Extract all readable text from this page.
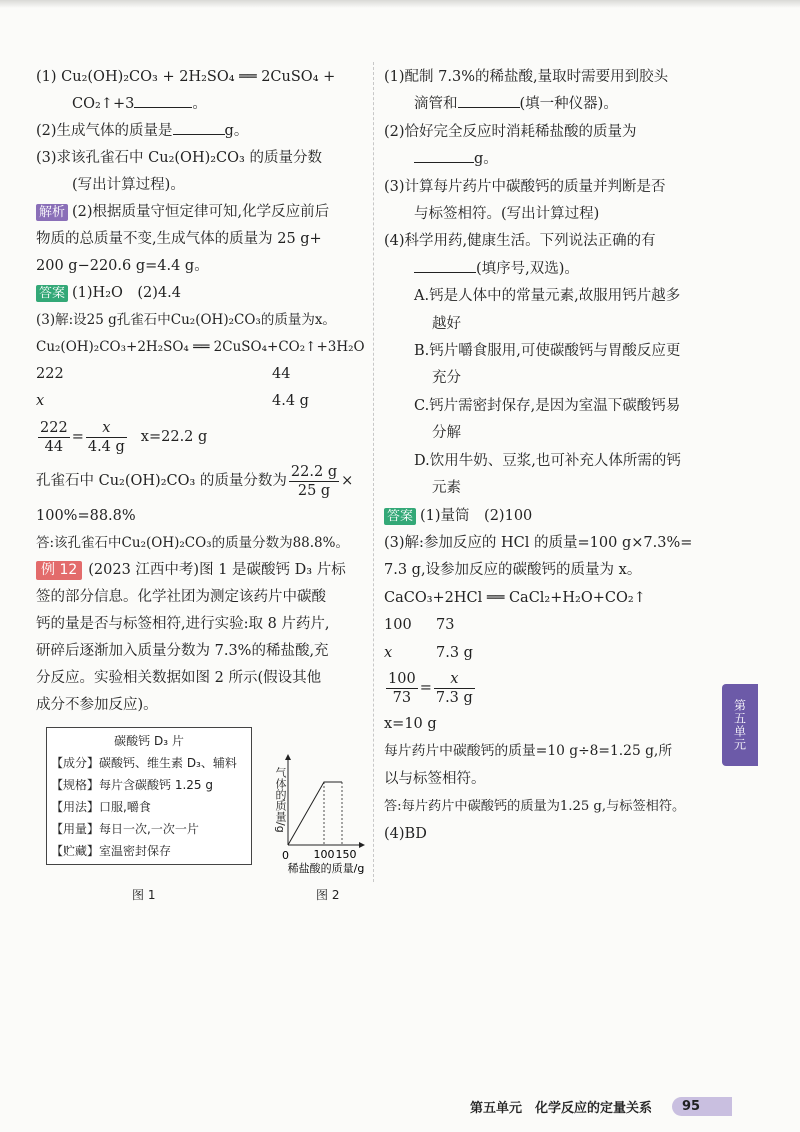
(1) Cu₂(OH)₂CO₃ + 2H₂SO₄ ══ 2CuSO₄ +
CO₂↑+3	。
(2)生成气体的质量是	g。
(3)求该孔雀石中 Cu₂(OH)₂CO₃ 的质量分数
(写出计算过程)。
解析 (2)根据质量守恒定律可知,化学反应前后
物质的总质量不变,生成气体的质量为 25 g+
200 g−220.6 g=4.4 g。
答案 (1)H₂O　(2)4.4
(3)解:设25 g孔雀石中Cu₂(OH)₂CO₃的质量为x。
Cu₂(OH)₂CO₃+2H₂SO₄ ══ 2CuSO₄+CO₂↑+3H₂O
222	44
x	4.4 g
$\frac{222}{44} = \frac{x}{4.4 g} x=22.2$ g
孔雀石中 Cu₂(OH)₂CO₃ 的质量分数为 $\frac{22.2 g}{25 g}$ ×
100%=88.8%
答:该孔雀石中Cu₂(OH)₂CO₃的质量分数为88.8%。
例 12 (2023 江西中考)图 1 是碳酸钙 D₃ 片标
签的部分信息。化学社团为测定该药片中碳酸
钙的量是否与标签相符,进行实验:取 8 片药片,
研碎后逐渐加入质量分数为 7.3%的稀盐酸,充
分反应。实验相关数据如图 2 所示(假设其他
成分不参加反应)。
碳酸钙 D₃ 片
【成分】碳酸钙、维生素 D₃、辅料
【规格】每片含碳酸钙 1.25 g
【用法】口服,嚼食
【用量】每日一次,一次一片
【贮藏】室温密封保存
图 1
0 100 150
稀盐酸的质量/g
气体的质量/g
图 2
(1)配制 7.3%的稀盐酸,量取时需要用到胶头
滴管和	(填一种仪器)。
(2)恰好完全反应时消耗稀盐酸的质量为
g。
(3)计算每片药片中碳酸钙的质量并判断是否
与标签相符。(写出计算过程)
(4)科学用药,健康生活。下列说法正确的有
(填序号,双选)。
A.钙是人体中的常量元素,故服用钙片越多
越好
B.钙片嚼食服用,可使碳酸钙与胃酸反应更
充分
C.钙片需密封保存,是因为室温下碳酸钙易
分解
D.饮用牛奶、豆浆,也可补充人体所需的钙
元素
答案 (1)量筒　(2)100
(3)解:参加反应的 HCl 的质量=100 g×7.3%=
7.3 g,设参加反应的碳酸钙的质量为 x。
CaCO₃+2HCl ══ CaCl₂+H₂O+CO₂↑
100 73
x	7.3 g
$\frac{100}{73} = \frac{x}{7.3 g}$
x=10 g
每片药片中碳酸钙的质量=10 g÷8=1.25 g,所
以与标签相符。
答:每片药片中碳酸钙的质量为1.25 g,与标签相符。
(4)BD
第五单元
第五单元　化学反应的定量关系	95
